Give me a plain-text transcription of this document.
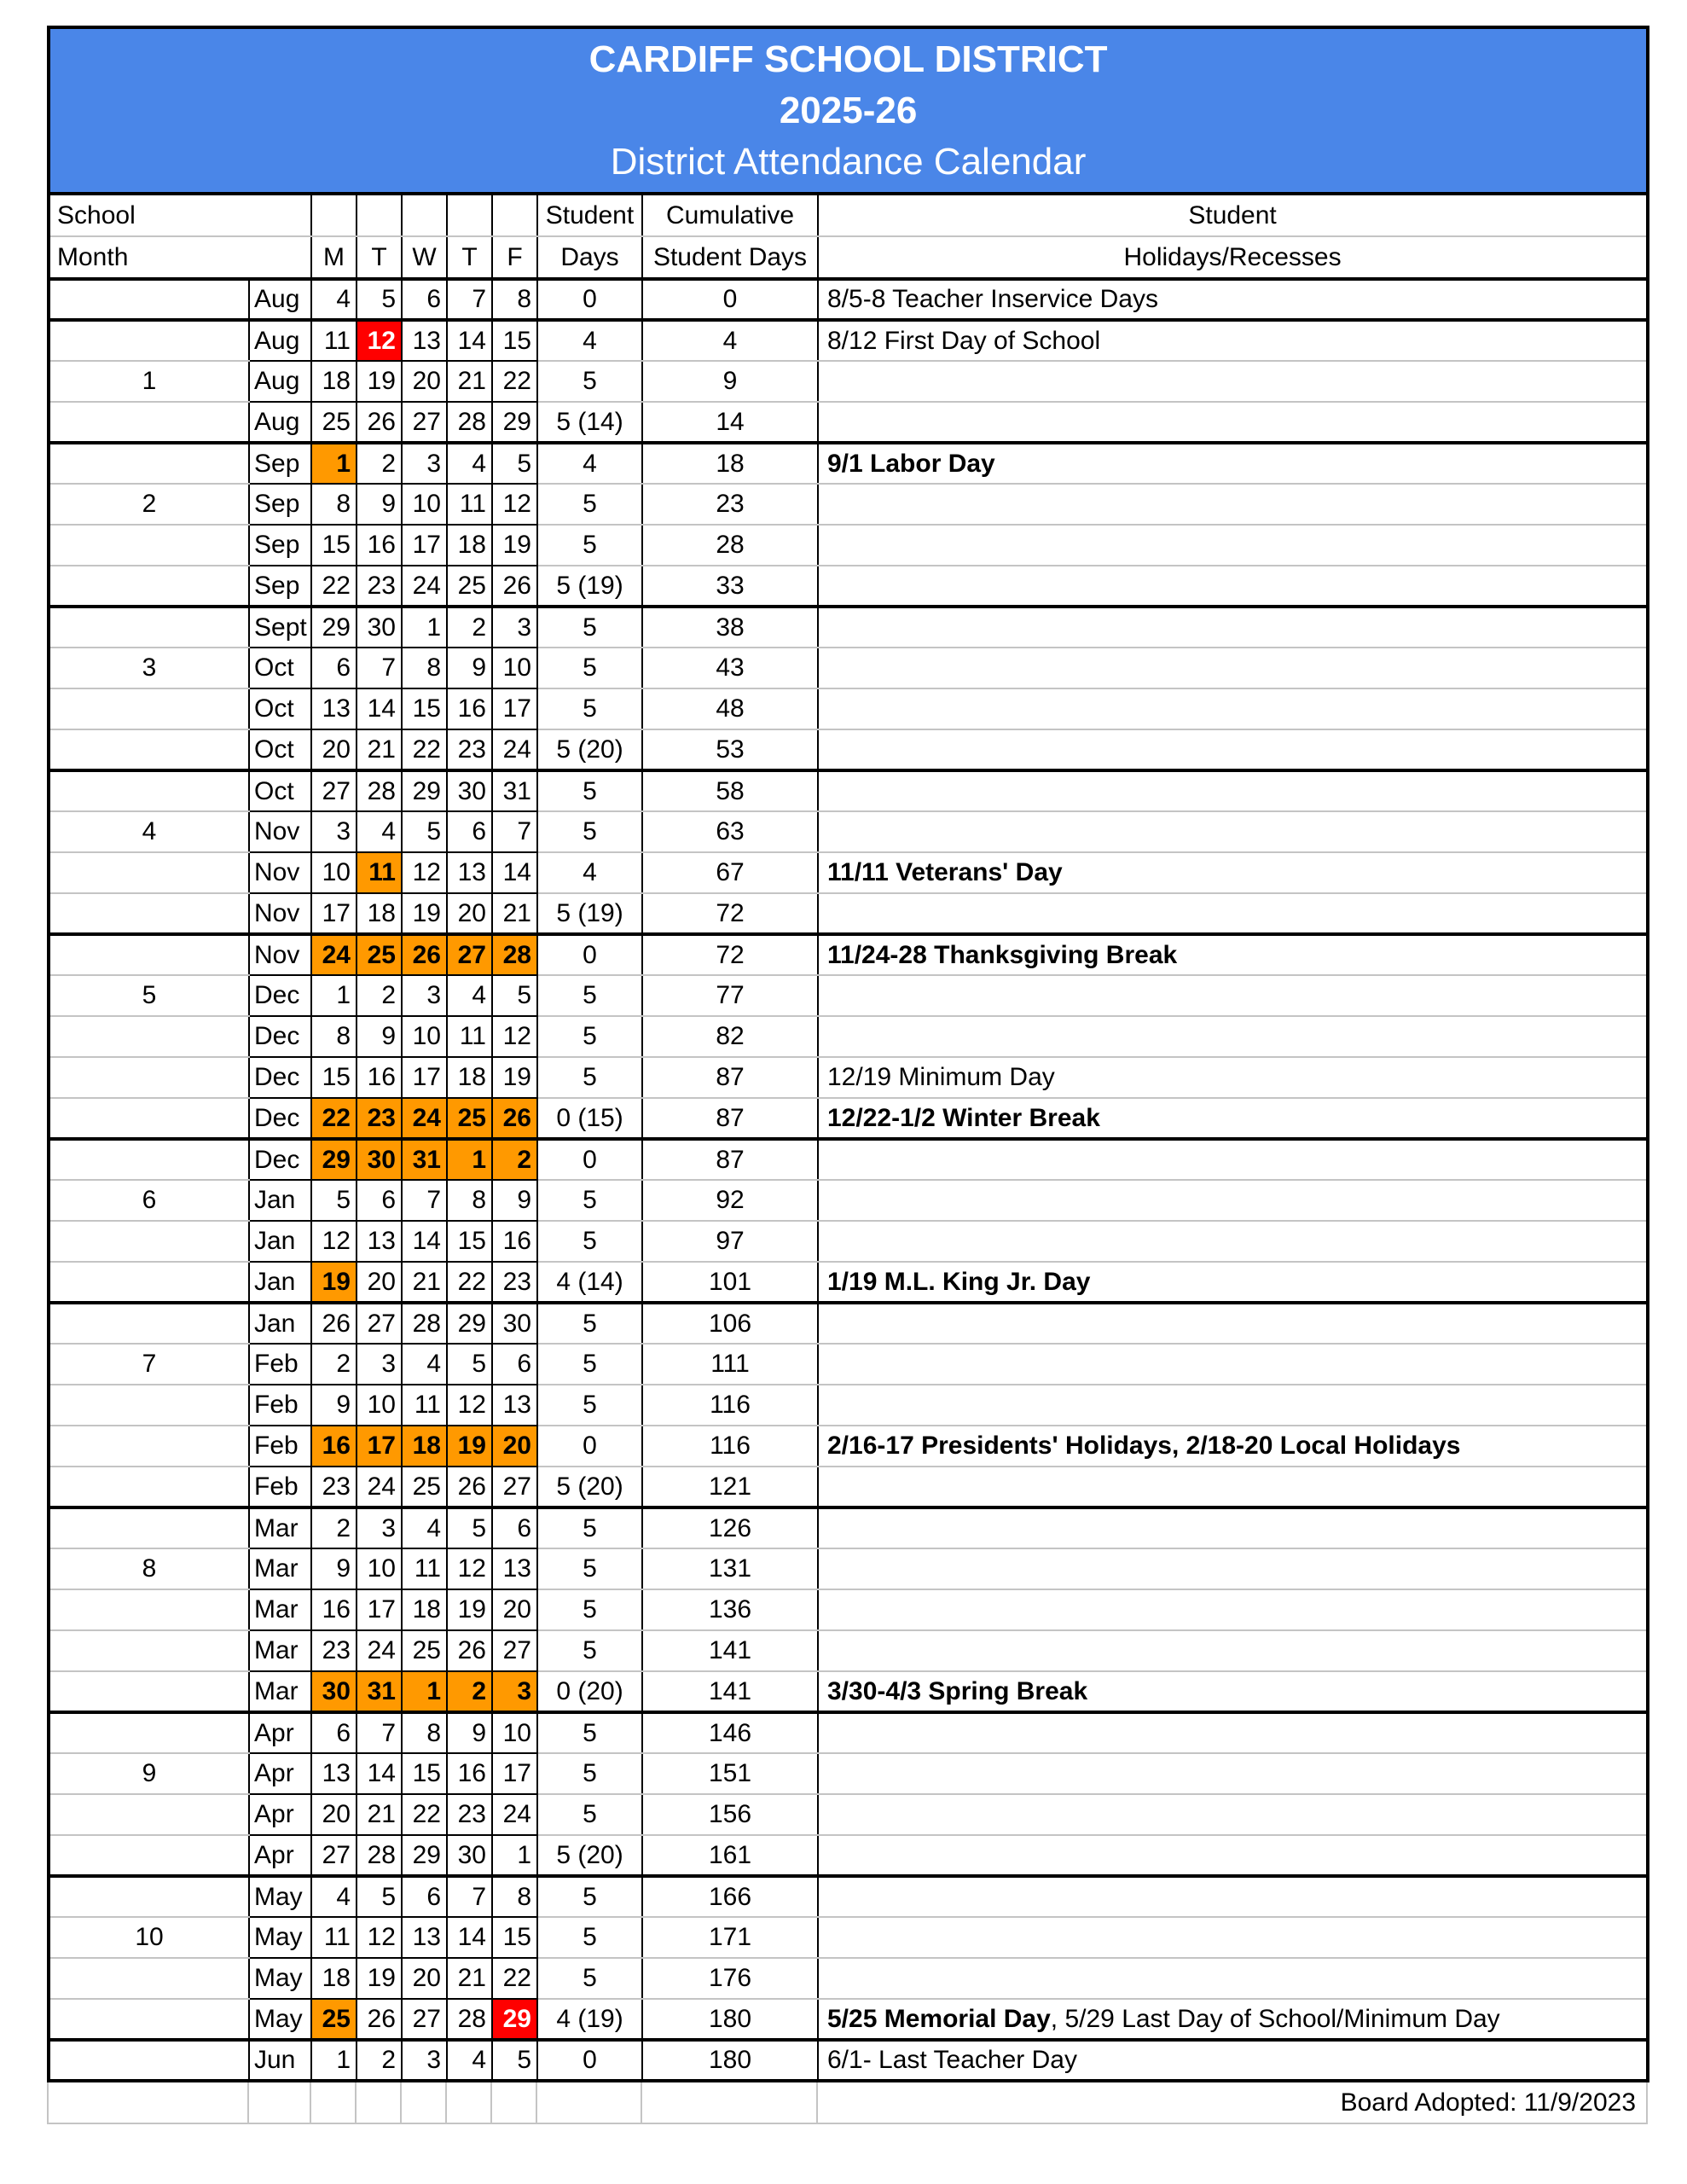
CARDIFF SCHOOL DISTRICT
2025-26
District Attendance Calendar									

School							Student	Cumulative	Student
Month		M	T	W	T	F	Days	Student Days	Holidays/Recesses
	Aug	4	5	6	7	8	0	0	8/5-8 Teacher Inservice Days
	Aug	11	12	13	14	15	4	4	8/12 First Day of School
1	Aug	18	19	20	21	22	5	9	
	Aug	25	26	27	28	29	5 (14)	14	
	Sep	1	2	3	4	5	4	18	9/1 Labor Day
2	Sep	8	9	10	11	12	5	23	
	Sep	15	16	17	18	19	5	28	
	Sep	22	23	24	25	26	5 (19)	33	
	Sept	29	30	1	2	3	5	38	
3	Oct	6	7	8	9	10	5	43	
	Oct	13	14	15	16	17	5	48	
	Oct	20	21	22	23	24	5 (20)	53	
	Oct	27	28	29	30	31	5	58	
4	Nov	3	4	5	6	7	5	63	
	Nov	10	11	12	13	14	4	67	11/11 Veterans' Day
	Nov	17	18	19	20	21	5 (19)	72	
	Nov	24	25	26	27	28	0	72	11/24-28 Thanksgiving Break
5	Dec	1	2	3	4	5	5	77	
	Dec	8	9	10	11	12	5	82	
	Dec	15	16	17	18	19	5	87	12/19 Minimum Day
	Dec	22	23	24	25	26	0 (15)	87	12/22-1/2 Winter Break
	Dec	29	30	31	1	2	0	87	
6	Jan	5	6	7	8	9	5	92	
	Jan	12	13	14	15	16	5	97	
	Jan	19	20	21	22	23	4 (14)	101	1/19 M.L. King Jr. Day
	Jan	26	27	28	29	30	5	106	
7	Feb	2	3	4	5	6	5	111	
	Feb	9	10	11	12	13	5	116	
	Feb	16	17	18	19	20	0	116	2/16-17 Presidents' Holidays, 2/18-20 Local Holidays
	Feb	23	24	25	26	27	5 (20)	121	
	Mar	2	3	4	5	6	5	126	
8	Mar	9	10	11	12	13	5	131	
	Mar	16	17	18	19	20	5	136	
	Mar	23	24	25	26	27	5	141	
	Mar	30	31	1	2	3	0 (20)	141	3/30-4/3 Spring Break
	Apr	6	7	8	9	10	5	146	
9	Apr	13	14	15	16	17	5	151	
	Apr	20	21	22	23	24	5	156	
	Apr	27	28	29	30	1	5 (20)	161	
	May	4	5	6	7	8	5	166	
10	May	11	12	13	14	15	5	171	
	May	18	19	20	21	22	5	176	
	May	25	26	27	28	29	4 (19)	180	5/25 Memorial Day, 5/29 Last Day of School/Minimum Day
	Jun	1	2	3	4	5	0	180	6/1- Last Teacher Day
									Board Adopted: 11/9/2023
